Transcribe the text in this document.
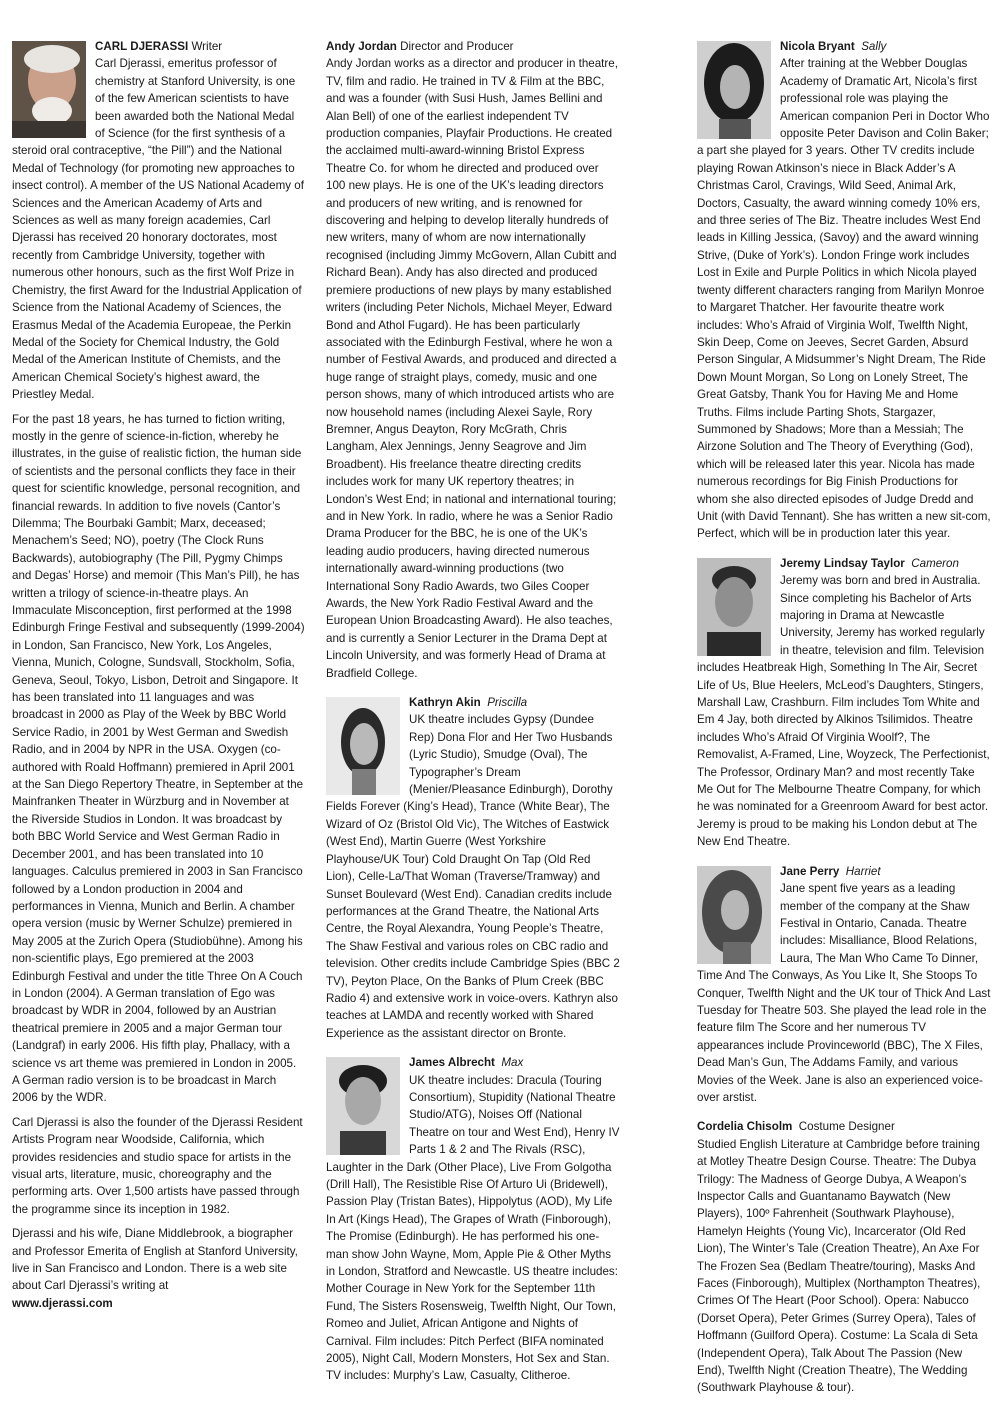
CARL DJERASSI Writer
Carl Djerassi, emeritus professor of chemistry at Stanford University, is one of the few American scientists to have been awarded both the National Medal of Science (for the first synthesis of a steroid oral contraceptive, “the Pill”) and the National Medal of Technology (for promoting new approaches to insect control). A member of the US National Academy of Sciences and the American Academy of Arts and Sciences as well as many foreign academies, Carl Djerassi has received 20 honorary doctorates, most recently from Cambridge University, together with numerous other honours, such as the first Wolf Prize in Chemistry, the first Award for the Industrial Application of Science from the National Academy of Sciences, the Erasmus Medal of the Academia Europeae, the Perkin Medal of the Society for Chemical Industry, the Gold Medal of the American Institute of Chemists, and the American Chemical Society’s highest award, the Priestley Medal.

For the past 18 years, he has turned to fiction writing, mostly in the genre of science-in-fiction, whereby he illustrates, in the guise of realistic fiction, the human side of scientists and the personal conflicts they face in their quest for scientific knowledge, personal recognition, and financial rewards. In addition to five novels (Cantor’s Dilemma; The Bourbaki Gambit; Marx, deceased; Menachem’s Seed; NO), poetry (The Clock Runs Backwards), autobiography (The Pill, Pygmy Chimps and Degas’ Horse) and memoir (This Man’s Pill), he has written a trilogy of science-in-theatre plays. An Immaculate Misconception, first performed at the 1998 Edinburgh Fringe Festival and subsequently (1999-2004) in London, San Francisco, New York, Los Angeles, Vienna, Munich, Cologne, Sundsvall, Stockholm, Sofia, Geneva, Seoul, Tokyo, Lisbon, Detroit and Singapore. It has been translated into 11 languages and was broadcast in 2000 as Play of the Week by BBC World Service Radio, in 2001 by West German and Swedish Radio, and in 2004 by NPR in the USA. Oxygen (co-authored with Roald Hoffmann) premiered in April 2001 at the San Diego Repertory Theatre, in September at the Mainfranken Theater in Würzburg and in November at the Riverside Studios in London. It was broadcast by both BBC World Service and West German Radio in December 2001, and has been translated into 10 languages. Calculus premiered in 2003 in San Francisco followed by a London production in 2004 and performances in Vienna, Munich and Berlin. A chamber opera version (music by Werner Schulze) premiered in May 2005 at the Zurich Opera (Studiobühne). Among his non-scientific plays, Ego premiered at the 2003 Edinburgh Festival and under the title Three On A Couch in London (2004). A German translation of Ego was broadcast by WDR in 2004, followed by an Austrian theatrical premiere in 2005 and a major German tour (Landgraf) in early 2006. His fifth play, Phallacy, with a science vs art theme was premiered in London in 2005. A German radio version is to be broadcast in March 2006 by the WDR.

Carl Djerassi is also the founder of the Djerassi Resident Artists Program near Woodside, California, which provides residencies and studio space for artists in the visual arts, literature, music, choreography and the performing arts. Over 1,500 artists have passed through the programme since its inception in 1982.

Djerassi and his wife, Diane Middlebrook, a biographer and Professor Emerita of English at Stanford University, live in San Francisco and London. There is a web site about Carl Djerassi’s writing at
www.djerassi.com

Andy Jordan Director and Producer
Andy Jordan works as a director and producer in theatre, TV, film and radio. He trained in TV & Film at the BBC, and was a founder (with Susi Hush, James Bellini and Alan Bell) of one of the earliest independent TV production companies, Playfair Productions. He created the acclaimed multi-award-winning Bristol Express Theatre Co. for whom he directed and produced over 100 new plays. He is one of the UK’s leading directors and producers of new writing, and is renowned for discovering and helping to develop literally hundreds of new writers, many of whom are now internationally recognised (including Jimmy McGovern, Allan Cubitt and Richard Bean). Andy has also directed and produced premiere productions of new plays by many established writers (including Peter Nichols, Michael Meyer, Edward Bond and Athol Fugard). He has been particularly associated with the Edinburgh Festival, where he won a number of Festival Awards, and produced and directed a huge range of straight plays, comedy, music and one person shows, many of which introduced artists who are now household names (including Alexei Sayle, Rory Bremner, Angus Deayton, Rory McGrath, Chris Langham, Alex Jennings, Jenny Seagrove and Jim Broadbent). His freelance theatre directing credits includes work for many UK repertory theatres; in London’s West End; in national and international touring; and in New York. In radio, where he was a Senior Radio Drama Producer for the BBC, he is one of the UK’s leading audio producers, having directed numerous internationally award-winning productions (two International Sony Radio Awards, two Giles Cooper Awards, the New York Radio Festival Award and the European Union Broadcasting Award). He also teaches, and is currently a Senior Lecturer in the Drama Dept at Lincoln University, and was formerly Head of Drama at Bradfield College.

Kathryn Akin Priscilla
UK theatre includes Gypsy (Dundee Rep) Dona Flor and Her Two Husbands (Lyric Studio), Smudge (Oval), The Typographer’s Dream (Menier/Pleasance Edinburgh), Dorothy Fields Forever (King’s Head), Trance (White Bear), The Wizard of Oz (Bristol Old Vic), The Witches of Eastwick (West End), Martin Guerre (West Yorkshire Playhouse/UK Tour) Cold Draught On Tap (Old Red Lion), Celle-La/That Woman (Traverse/Tramway) and Sunset Boulevard (West End). Canadian credits include performances at the Grand Theatre, the National Arts Centre, the Royal Alexandra, Young People’s Theatre, The Shaw Festival and various roles on CBC radio and television. Other credits include Cambridge Spies (BBC 2 TV), Peyton Place, On the Banks of Plum Creek (BBC Radio 4) and extensive work in voice-overs. Kathryn also teaches at LAMDA and recently worked with Shared Experience as the assistant director on Bronte.

James Albrecht Max
UK theatre includes: Dracula (Touring Consortium), Stupidity (National Theatre Studio/ATG), Noises Off (National Theatre on tour and West End), Henry IV Parts 1 & 2 and The Rivals (RSC), Laughter in the Dark (Other Place), Live From Golgotha (Drill Hall), The Resistible Rise Of Arturo Ui (Bridewell), Passion Play (Tristan Bates), Hippolytus (AOD), My Life In Art (Kings Head), The Grapes of Wrath (Finborough), The Promise (Edinburgh). He has performed his one-man show John Wayne, Mom, Apple Pie & Other Myths in London, Stratford and Newcastle. US theatre includes: Mother Courage in New York for the September 11th Fund, The Sisters Rosensweig, Twelfth Night, Our Town, Romeo and Juliet, African Antigone and Nights of Carnival. Film includes: Pitch Perfect (BIFA nominated 2005), Night Call, Modern Monsters, Hot Sex and Stan. TV includes: Murphy’s Law, Casualty, Clitheroe.

Nicola Bryant Sally
After training at the Webber Douglas Academy of Dramatic Art, Nicola’s first professional role was playing the American companion Peri in Doctor Who opposite Peter Davison and Colin Baker; a part she played for 3 years. Other TV credits include playing Rowan Atkinson’s niece in Black Adder’s A Christmas Carol, Cravings, Wild Seed, Animal Ark, Doctors, Casualty, the award winning comedy 10% ers, and three series of The Biz. Theatre includes West End leads in Killing Jessica, (Savoy) and the award winning Strive, (Duke of York’s). London Fringe work includes Lost in Exile and Purple Politics in which Nicola played twenty different characters ranging from Marilyn Monroe to Margaret Thatcher. Her favourite theatre work includes: Who’s Afraid of Virginia Wolf, Twelfth Night, Skin Deep, Come on Jeeves, Secret Garden, Absurd Person Singular, A Midsummer’s Night Dream, The Ride Down Mount Morgan, So Long on Lonely Street, The Great Gatsby, Thank You for Having Me and Home Truths. Films include Parting Shots, Stargazer, Summoned by Shadows; More than a Messiah; The Airzone Solution and The Theory of Everything (God), which will be released later this year. Nicola has made numerous recordings for Big Finish Productions for whom she also directed episodes of Judge Dredd and Unit (with David Tennant). She has written a new sit-com, Perfect, which will be in production later this year.

Jeremy Lindsay Taylor Cameron
Jeremy was born and bred in Australia. Since completing his Bachelor of Arts majoring in Drama at Newcastle University, Jeremy has worked regularly in theatre, television and film. Television includes Heatbreak High, Something In The Air, Secret Life of Us, Blue Heelers, McLeod’s Daughters, Stingers, Marshall Law, Crashburn. Film includes Tom White and Em 4 Jay, both directed by Alkinos Tsilimidos. Theatre includes Who’s Afraid Of Virginia Woolf?, The Removalist, A-Framed, Line, Woyzeck, The Perfectionist, The Professor, Ordinary Man? and most recently Take Me Out for The Melbourne Theatre Company, for which he was nominated for a Greenroom Award for best actor. Jeremy is proud to be making his London debut at The New End Theatre.

Jane Perry Harriet
Jane spent five years as a leading member of the company at the Shaw Festival in Ontario, Canada. Theatre includes: Misalliance, Blood Relations, Laura, The Man Who Came To Dinner, Time And The Conways, As You Like It, She Stoops To Conquer, Twelfth Night and the UK tour of Thick And Last Tuesday for Theatre 503. She played the lead role in the feature film The Score and her numerous TV appearances include Provinceworld (BBC), The X Files, Dead Man’s Gun, The Addams Family, and various Movies of the Week. Jane is also an experienced voice-over arstist.

Cordelia Chisolm Costume Designer
Studied English Literature at Cambridge before training at Motley Theatre Design Course. Theatre: The Dubya Trilogy: The Madness of George Dubya, A Weapon’s Inspector Calls and Guantanamo Baywatch (New Players), 100º Fahrenheit (Southwark Playhouse), Hamelyn Heights (Young Vic), Incarcerator (Old Red Lion), The Winter’s Tale (Creation Theatre), An Axe For The Frozen Sea (Bedlam Theatre/touring), Masks And Faces (Finborough), Multiplex (Northampton Theatres), Crimes Of The Heart (Poor School). Opera: Nabucco (Dorset Opera), Peter Grimes (Surrey Opera), Tales of Hoffmann (Guilford Opera). Costume: La Scala di Seta (Independent Opera), Talk About The Passion (New End), Twelfth Night (Creation Theatre), The Wedding (Southwark Playhouse & tour).
